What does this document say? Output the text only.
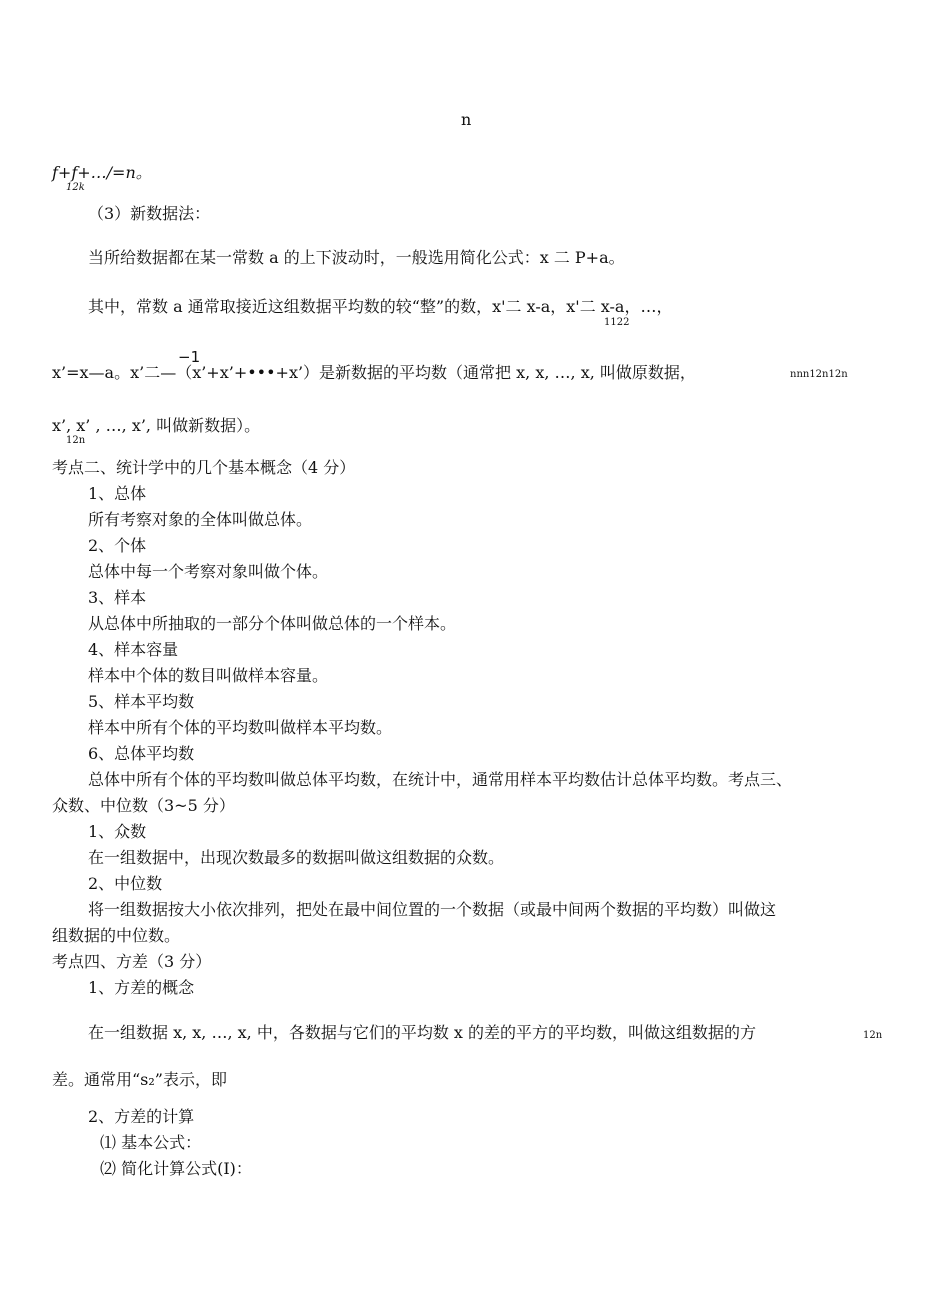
n
f+f+…/=n。
12k
（3）新数据法：
当所给数据都在某一常数 a 的上下波动时，一般选用简化公式：x 二 P+a。
其中，常数 a 通常取接近这组数据平均数的较“整”的数，x'二 x-a，x'二 x-a，…，
1122
−1
x’=x—a。x’二—（x’+x’+•••+x’）是新数据的平均数（通常把 x, x, …, x, 叫做原数据，	nnn12n12n
x’, x’ , …, x’, 叫做新数据）。
12n
考点二、统计学中的几个基本概念（4 分）
1、总体
所有考察对象的全体叫做总体。
2、个体
总体中每一个考察对象叫做个体。
3、样本
从总体中所抽取的一部分个体叫做总体的一个样本。
4、样本容量
样本中个体的数目叫做样本容量。
5、样本平均数
样本中所有个体的平均数叫做样本平均数。
6、总体平均数
总体中所有个体的平均数叫做总体平均数，在统计中，通常用样本平均数估计总体平均数。考点三、
众数、中位数（3~5 分）
1、众数
在一组数据中，出现次数最多的数据叫做这组数据的众数。
2、中位数
将一组数据按大小依次排列，把处在最中间位置的一个数据（或最中间两个数据的平均数）叫做这
组数据的中位数。
考点四、方差（3 分）
1、方差的概念
在一组数据 x, x, …, x, 中，各数据与它们的平均数 x 的差的平方的平均数，叫做这组数据的方	12n
差。通常用“s₂”表示，即
2、方差的计算
⑴ 基本公式：
⑵ 简化计算公式(Ⅰ)：
